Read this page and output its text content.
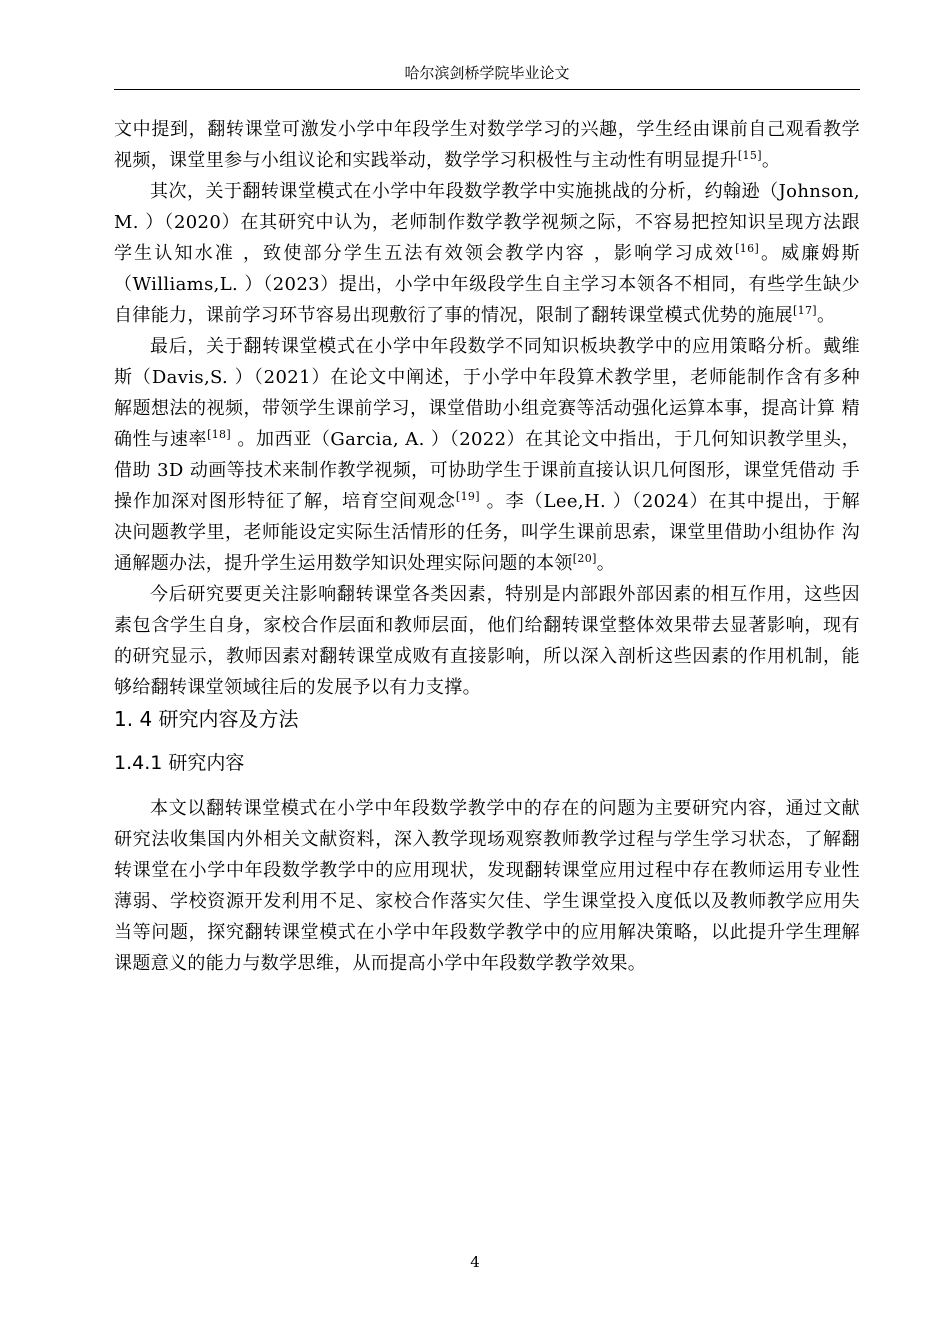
哈尔滨剑桥学院毕业论文

文中提到，翻转课堂可激发小学中年段学生对数学学习的兴趣，学生经由课前自己观看教学视频，课堂里参与小组议论和实践举动，数学学习积极性与主动性有明显提升[15]。

其次，关于翻转课堂模式在小学中年段数学教学中实施挑战的分析，约翰逊（Johnson, M. ）（2020）在其研究中认为，老师制作数学教学视频之际，不容易把控知识呈现方法跟 学生认知水准 ，致使部分学生五法有效领会教学内容 ，影响学习成效[16]。威廉姆斯 （Williams,L. ）（2023）提出，小学中年级段学生自主学习本领各不相同，有些学生缺少 自律能力，课前学习环节容易出现敷衍了事的情况，限制了翻转课堂模式优势的施展[17]。

最后，关于翻转课堂模式在小学中年段数学不同知识板块教学中的应用策略分析。戴维斯（Davis,S. ）（2021）在论文中阐述，于小学中年段算术教学里，老师能制作含有多种 解题想法的视频，带领学生课前学习，课堂借助小组竞赛等活动强化运算本事，提高计算 精确性与速率[18] 。加西亚（Garcia, A. ）（2022）在其论文中指出，于几何知识教学里头， 借助 3D 动画等技术来制作教学视频，可协助学生于课前直接认识几何图形，课堂凭借动 手操作加深对图形特征了解，培育空间观念[19] 。李（Lee,H. ）（2024）在其中提出，于解 决问题教学里，老师能设定实际生活情形的任务，叫学生课前思索，课堂里借助小组协作 沟通解题办法，提升学生运用数学知识处理实际问题的本领[20]。

今后研究要更关注影响翻转课堂各类因素，特别是内部跟外部因素的相互作用，这些因素包含学生自身，家校合作层面和教师层面，他们给翻转课堂整体效果带去显著影响，现有的研究显示，教师因素对翻转课堂成败有直接影响，所以深入剖析这些因素的作用机制，能够给翻转课堂领域往后的发展予以有力支撑。

1. 4 研究内容及方法
1.4.1 研究内容

本文以翻转课堂模式在小学中年段数学教学中的存在的问题为主要研究内容，通过文献研究法收集国内外相关文献资料，深入教学现场观察教师教学过程与学生学习状态，了解翻转课堂在小学中年段数学教学中的应用现状，发现翻转课堂应用过程中存在教师运用专业性薄弱、学校资源开发利用不足、家校合作落实欠佳、学生课堂投入度低以及教师教学应用失当等问题，探究翻转课堂模式在小学中年段数学教学中的应用解决策略，以此提升学生理解课题意义的能力与数学思维，从而提高小学中年段数学教学效果。

4
